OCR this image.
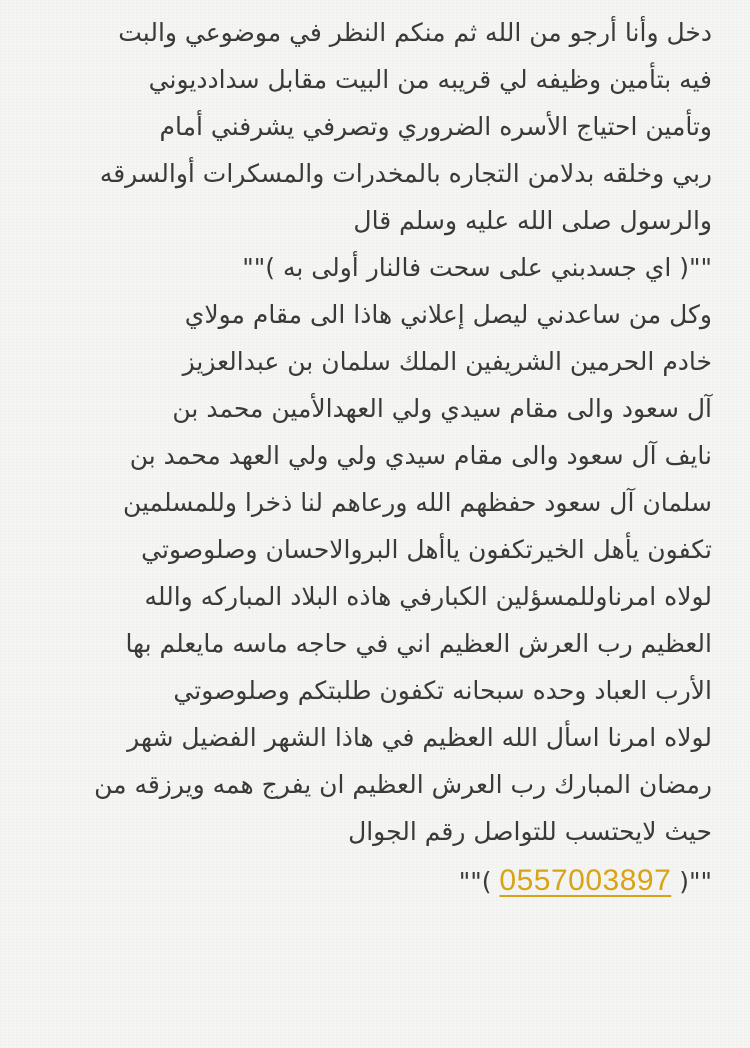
دخل وأنا أرجو من الله ثم منكم النظر في موضوعي والبت
فيه بتأمين وظيفه لي قريبه من البيت مقابل سداددیوني
وتأمين احتياج الأسره الضروري وتصرفي يشرفني أمام
ربي وخلقه بدلامن التجاره بالمخدرات والمسكرات أوالسرقه
والرسول صلى الله عليه وسلم قال
""( اي جسدبني على سحت فالنار أولى به )""
وكل من ساعدني ليصل إعلاني هاذا الى مقام مولاي
خادم الحرمين الشريفين الملك سلمان بن عبدالعزيز
آل سعود والى مقام سيدي ولي العهدالأمين محمد بن
نايف آل سعود والى مقام سيدي ولي ولي العهد محمد بن
سلمان آل سعود حفظهم الله ورعاهم لنا ذخرا وللمسلمين
تكفون يأهل الخيرتكفون ياأهل البروالاحسان وصلوصوتي
لولاه امرناوللمسؤلين الكبارفي هاذه البلاد المباركه والله
العظيم رب العرش العظيم اني في حاجه ماسه مايعلم بها
الأرب العباد وحده سبحانه تكفون طلبتكم وصلوصوتي
لولاه امرنا اسأل الله العظيم في هاذا الشهر الفضيل شهر
رمضان المبارك رب العرش العظيم ان يفرج همه ويرزقه من
حيث لايحتسب للتواصل رقم الجوال
""( 0557003897 )""
